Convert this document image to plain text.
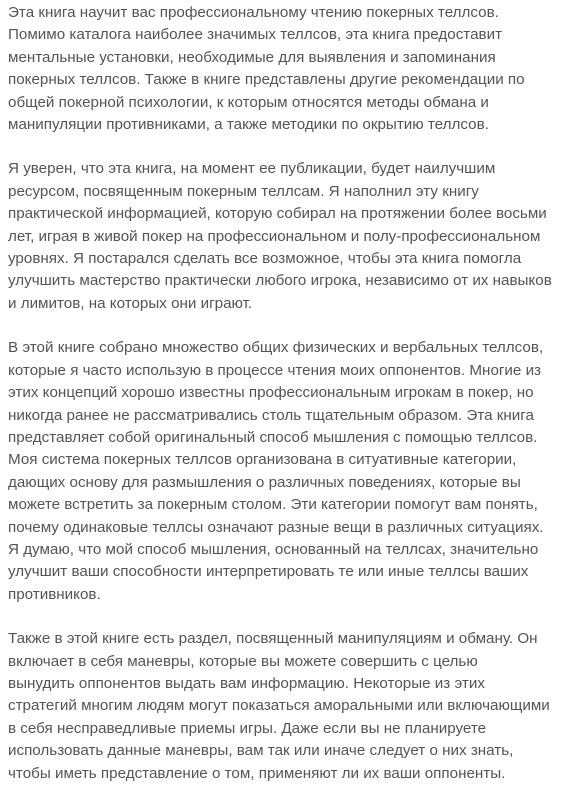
Эта книга научит вас профессиональному чтению покерных теллсов.
Помимо каталога наиболее значимых теллсов, эта книга предоставит
ментальные установки, необходимые для выявления и запоминания
покерных теллсов. Также в книге представлены другие рекомендации по
общей покерной психологии, к которым относятся методы обмана и
манипуляции противниками, а также методики по окрытию теллсов.
Я уверен, что эта книга, на момент ее публикации, будет наилучшим
ресурсом, посвященным покерным теллсам. Я наполнил эту книгу
практической информацией, которую собирал на протяжении более восьми
лет, играя в живой покер на профессиональном и полу-профессиональном
уровнях. Я постарался сделать все возможное, чтобы эта книга помогла
улучшить мастерство практически любого игрока, независимо от их навыков
и лимитов, на которых они играют.
В этой книге собрано множество общих физических и вербальных теллсов,
которые я часто использую в процессе чтения моих оппонентов. Многие из
этих концепций хорошо известны профессиональным игрокам в покер, но
никогда ранее не рассматривались столь тщательным образом. Эта книга
представляет собой оригинальный способ мышления с помощью теллсов.
Моя система покерных теллсов организована в ситуативные категории,
дающих основу для размышления о различных поведениях, которые вы
можете встретить за покерным столом. Эти категории помогут вам понять,
почему одинаковые теллсы означают разные вещи в различных ситуациях.
Я думаю, что мой способ мышления, основанный на теллсах, значительно
улучшит ваши способности интерпретировать те или иные теллсы ваших
противников.
Также в этой книге есть раздел, посвященный манипуляциям и обману. Он
включает в себя маневры, которые вы можете совершить с целью
вынудить оппонентов выдать вам информацию. Некоторые из этих
стратегий многим людям могут показаться аморальными или включающими
в себя несправедливые приемы игры. Даже если вы не планируете
использовать данные маневры, вам так или иначе следует о них знать,
чтобы иметь представление о том, применяют ли их ваши оппоненты.
